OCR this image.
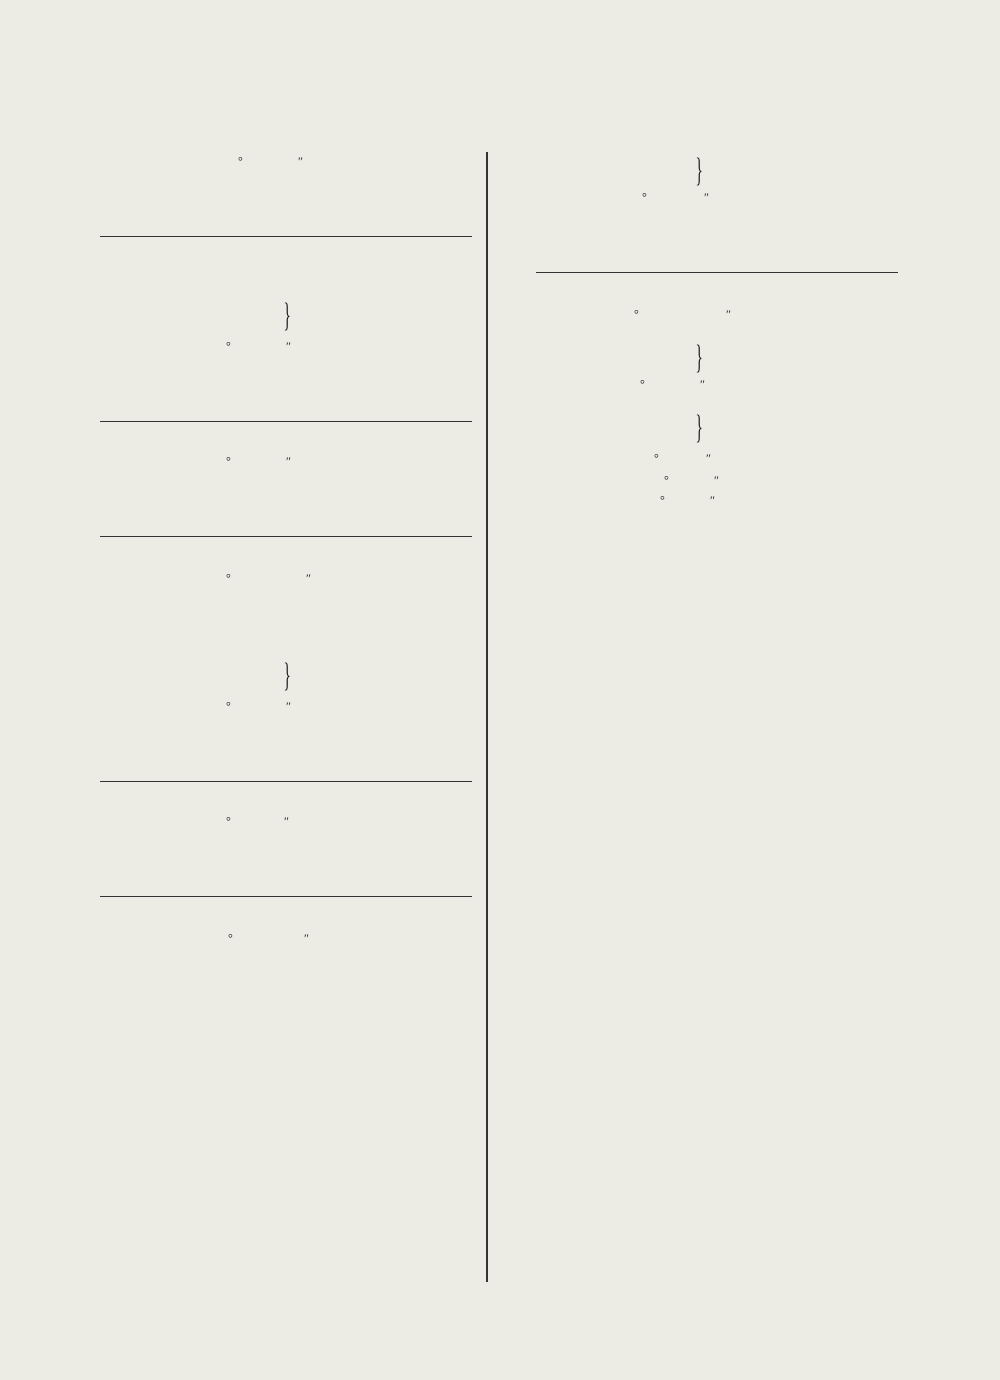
°	″
}
°	″
°	″
°	″
}
°	″
°	″
°	″
}
°	″
°	″
}
°	″
}
°	″
°	″
°	″
